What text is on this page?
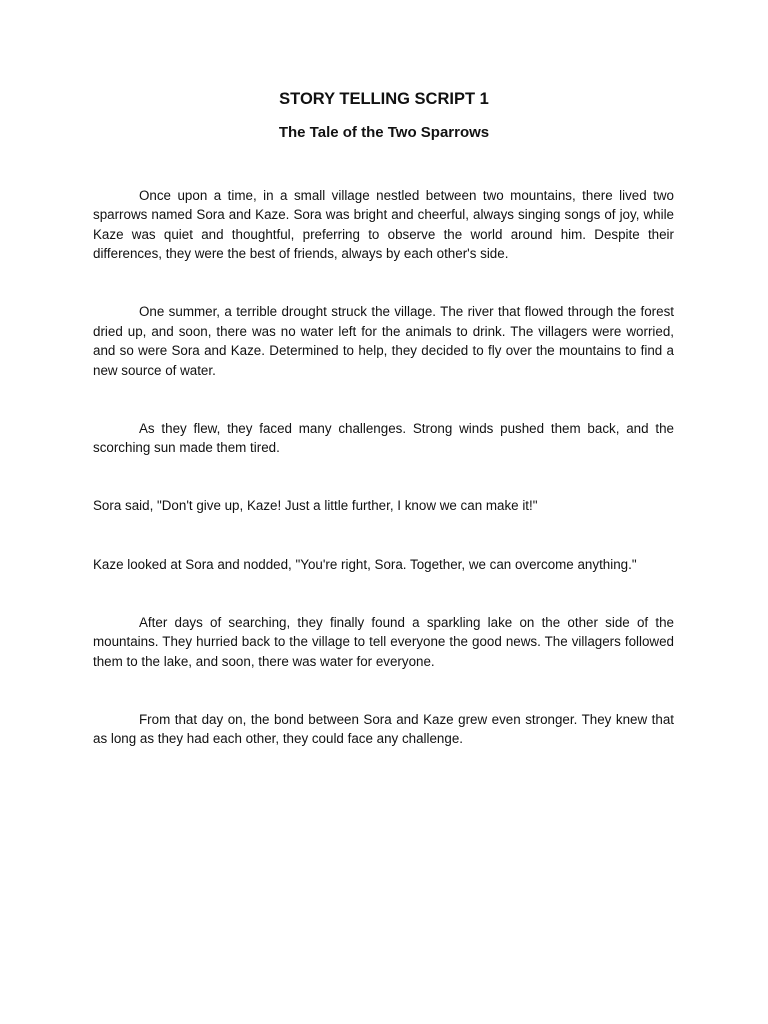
STORY TELLING SCRIPT 1
The Tale of the Two Sparrows

Once upon a time, in a small village nestled between two mountains, there lived two sparrows named Sora and Kaze. Sora was bright and cheerful, always singing songs of joy, while Kaze was quiet and thoughtful, preferring to observe the world around him. Despite their differences, they were the best of friends, always by each other's side.

One summer, a terrible drought struck the village. The river that flowed through the forest dried up, and soon, there was no water left for the animals to drink. The villagers were worried, and so were Sora and Kaze. Determined to help, they decided to fly over the mountains to find a new source of water.

As they flew, they faced many challenges. Strong winds pushed them back, and the scorching sun made them tired.

Sora said, "Don't give up, Kaze! Just a little further, I know we can make it!"

Kaze looked at Sora and nodded, "You're right, Sora. Together, we can overcome anything."

After days of searching, they finally found a sparkling lake on the other side of the mountains. They hurried back to the village to tell everyone the good news. The villagers followed them to the lake, and soon, there was water for everyone.

From that day on, the bond between Sora and Kaze grew even stronger. They knew that as long as they had each other, they could face any challenge.
